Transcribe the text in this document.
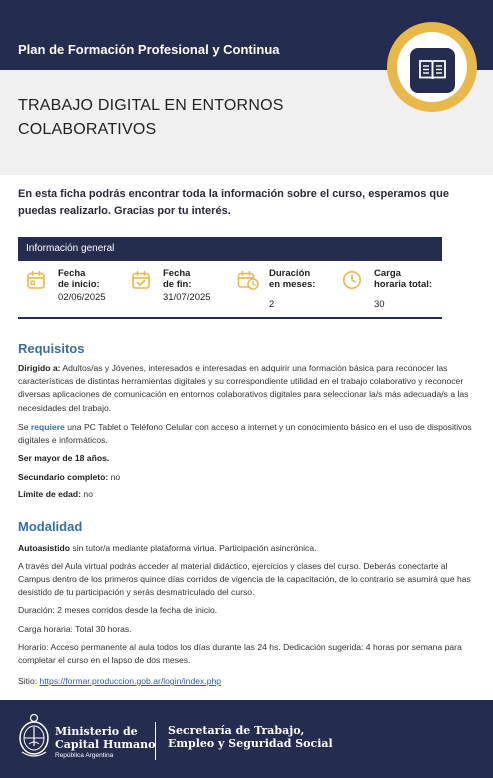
Plan de Formación Profesional y Continua
TRABAJO DIGITAL EN ENTORNOS
COLABORATIVOS
En esta ficha podrás encontrar toda la información sobre el curso, esperamos que puedas realizarlo. Gracias por tu interés.
Información general
Fecha
de inicio:
02/06/2025
Fecha
de fin:
31/07/2025
Duración
en meses:
2
Carga
horaria total:
30
Requisitos
Dirigido a: Adultos/as y Jóvenes, interesados e interesadas en adquirir una formación básica para reconocer las características de distintas herramientas digitales y su correspondiente utilidad en el trabajo colaborativo y reconocer diversas aplicaciones de comunicación en entornos colaborativos digitales para seleccionar la/s más adecuada/s a las necesidades del trabajo.
Se requiere una PC Tablet o Teléfono Celular con acceso a internet y un conocimiento básico en el uso de dispositivos digitales e informáticos.
Ser mayor de 18 años.
Secundario completo: no
Límite de edad: no
Modalidad
Autoasistido sin tutor/a mediante plataforma virtua. Participación asincrónica.
A través del Aula virtual podrás acceder al material didáctico, ejercicios y clases del curso. Deberás conectarte al Campus dentro de los primeros quince días corridos de vigencia de la capacitación, de lo contrario se asumirá que has desistido de tu participación y serás desmatriculado del curso.
Duración: 2 meses corridos desde la fecha de inicio.
Carga horaria: Total 30 horas.
Horario: Acceso permanente al aula todos los días durante las 24 hs. Dedicación sugerida: 4 horas por semana para completar el curso en el lapso de dos meses.
Sitio: https://formar.produccion.gob.ar/login/index.php
Ministerio de
Capital Humano
República Argentina
Secretaría de Trabajo,
Empleo y Seguridad Social
